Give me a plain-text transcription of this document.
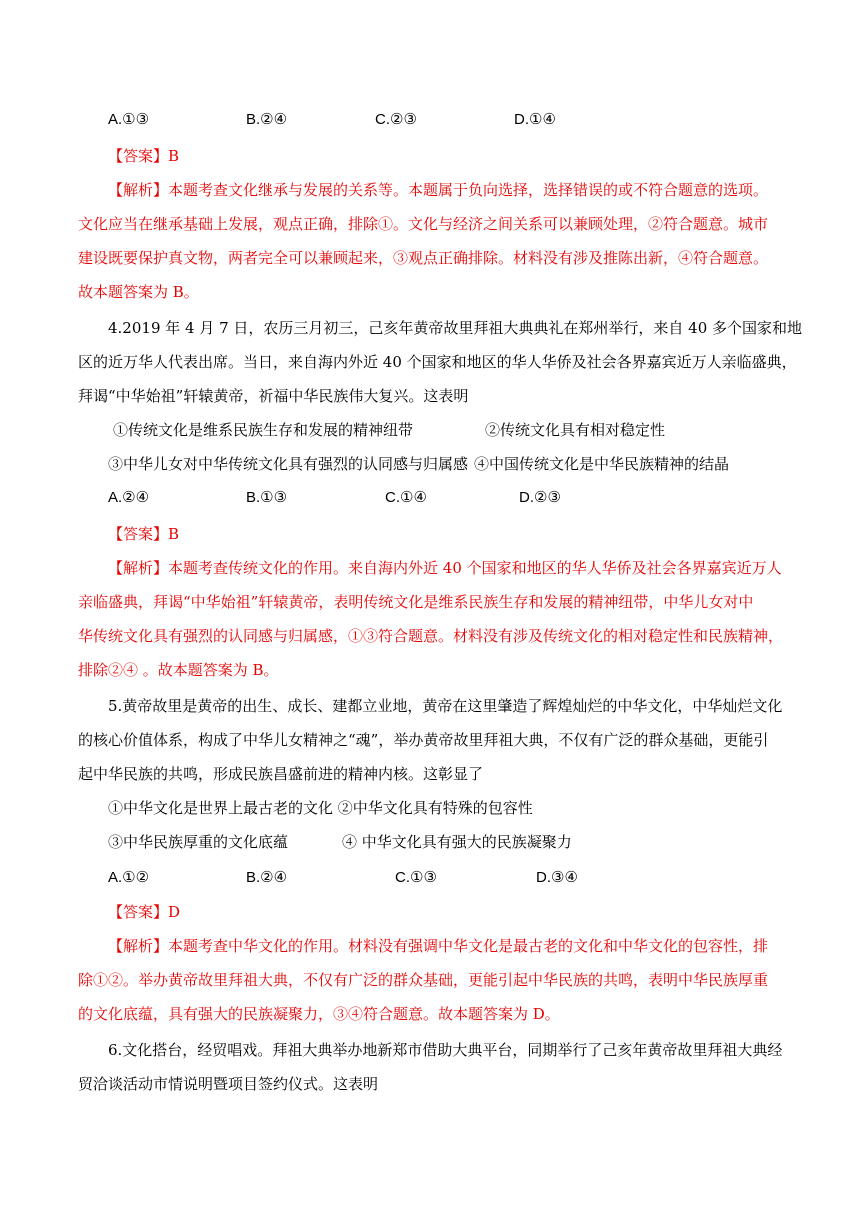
A.①③	B.②④	C.②③	D.①④
【答案】B
【解析】本题考查文化继承与发展的关系等。本题属于负向选择，选择错误的或不符合题意的选项。
文化应当在继承基础上发展，观点正确，排除①。文化与经济之间关系可以兼顾处理，②符合题意。城市
建设既要保护真文物，两者完全可以兼顾起来，③观点正确排除。材料没有涉及推陈出新，④符合题意。
故本题答案为 B。
4.2019 年 4 月 7 日，农历三月初三，己亥年黄帝故里拜祖大典典礼在郑州举行，来自 40 多个国家和地
区的近万华人代表出席。当日，来自海内外近 40 个国家和地区的华人华侨及社会各界嘉宾近万人亲临盛典，
拜谒“中华始祖”轩辕黄帝，祈福中华民族伟大复兴。这表明
①传统文化是维系民族生存和发展的精神纽带	②传统文化具有相对稳定性
③中华儿女对中华传统文化具有强烈的认同感与归属感 ④中国传统文化是中华民族精神的结晶
A.②④	B.①③	C.①④	D.②③
【答案】B
【解析】本题考查传统文化的作用。来自海内外近 40 个国家和地区的华人华侨及社会各界嘉宾近万人
亲临盛典，拜谒“中华始祖”轩辕黄帝，表明传统文化是维系民族生存和发展的精神纽带，中华儿女对中
华传统文化具有强烈的认同感与归属感，①③符合题意。材料没有涉及传统文化的相对稳定性和民族精神，
排除②④ 。故本题答案为 B。
5.黄帝故里是黄帝的出生、成长、建都立业地，黄帝在这里肇造了辉煌灿烂的中华文化，中华灿烂文化
的核心价值体系，构成了中华儿女精神之“魂”，举办黄帝故里拜祖大典，不仅有广泛的群众基础，更能引
起中华民族的共鸣，形成民族昌盛前进的精神内核。这彰显了
①中华文化是世界上最古老的文化 ②中华文化具有特殊的包容性
③中华民族厚重的文化底蕴	④ 中华文化具有强大的民族凝聚力
A.①②	B.②④	C.①③	D.③④
【答案】D
【解析】本题考查中华文化的作用。材料没有强调中华文化是最古老的文化和中华文化的包容性，排
除①②。举办黄帝故里拜祖大典，不仅有广泛的群众基础，更能引起中华民族的共鸣，表明中华民族厚重
的文化底蕴，具有强大的民族凝聚力，③④符合题意。故本题答案为 D。
6.文化搭台，经贸唱戏。拜祖大典举办地新郑市借助大典平台，同期举行了己亥年黄帝故里拜祖大典经
贸洽谈活动市情说明暨项目签约仪式。这表明
